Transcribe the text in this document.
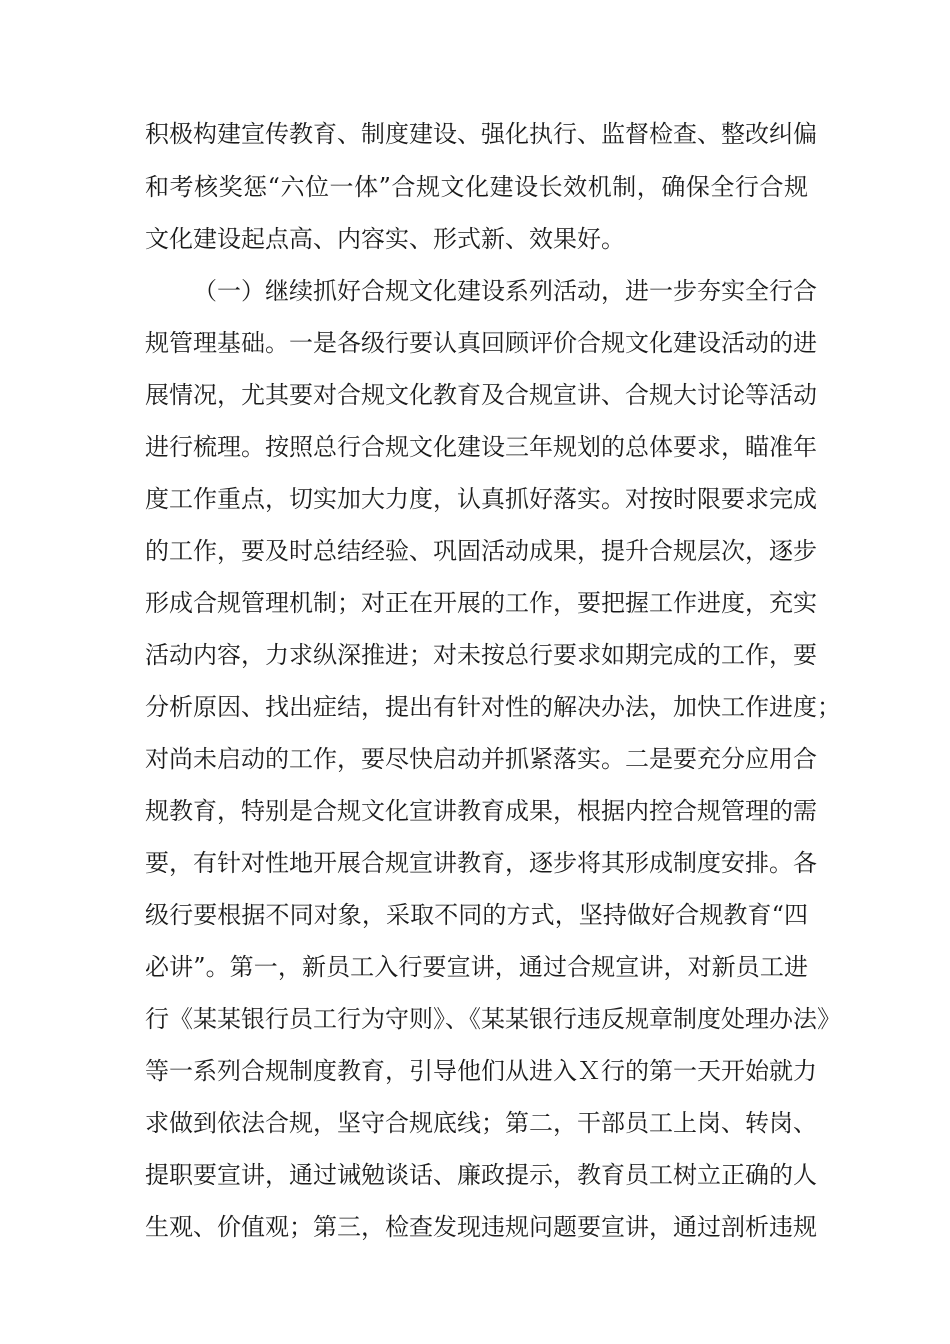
积极构建宣传教育、制度建设、强化执行、监督检查、整改纠偏
和考核奖惩“六位一体”合规文化建设长效机制，确保全行合规
文化建设起点高、内容实、形式新、效果好。
（一）继续抓好合规文化建设系列活动，进一步夯实全行合
规管理基础。一是各级行要认真回顾评价合规文化建设活动的进
展情况，尤其要对合规文化教育及合规宣讲、合规大讨论等活动
进行梳理。按照总行合规文化建设三年规划的总体要求，瞄准年
度工作重点，切实加大力度，认真抓好落实。对按时限要求完成
的工作，要及时总结经验、巩固活动成果，提升合规层次，逐步
形成合规管理机制；对正在开展的工作，要把握工作进度，充实
活动内容，力求纵深推进；对未按总行要求如期完成的工作，要
分析原因、找出症结，提出有针对性的解决办法，加快工作进度；
对尚未启动的工作，要尽快启动并抓紧落实。二是要充分应用合
规教育，特别是合规文化宣讲教育成果，根据内控合规管理的需
要，有针对性地开展合规宣讲教育，逐步将其形成制度安排。各
级行要根据不同对象，采取不同的方式，坚持做好合规教育“四
必讲”。第一，新员工入行要宣讲，通过合规宣讲，对新员工进
行《某某银行员工行为守则》、《某某银行违反规章制度处理办法》
等一系列合规制度教育，引导他们从进入Ｘ行的第一天开始就力
求做到依法合规，坚守合规底线；第二，干部员工上岗、转岗、
提职要宣讲，通过诫勉谈话、廉政提示，教育员工树立正确的人
生观、价值观；第三，检查发现违规问题要宣讲，通过剖析违规
